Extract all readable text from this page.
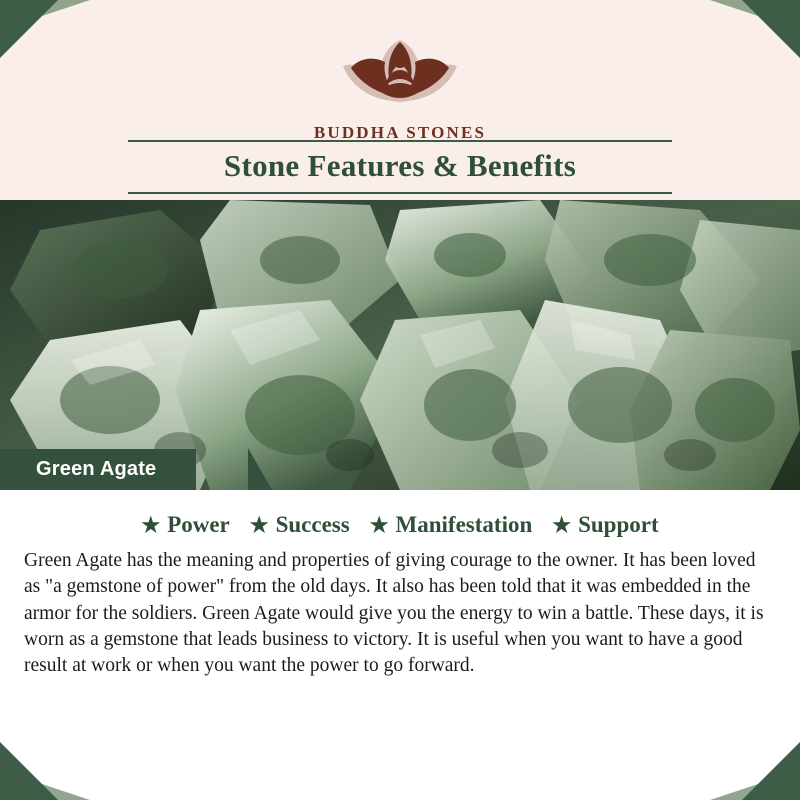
BUDDHA STONES
Stone Features & Benefits
Green Agate
★ Power ★ Success ★ Manifestation ★ Support
Green Agate has the meaning and properties of giving courage to the owner. It has been loved as "a gemstone of power" from the old days. It also has been told that it was embedded in the armor for the soldiers. Green Agate would give you the energy to win a battle. These days, it is worn as a gemstone that leads business to victory. It is useful when you want to have a good result at work or when you want the power to go forward.
